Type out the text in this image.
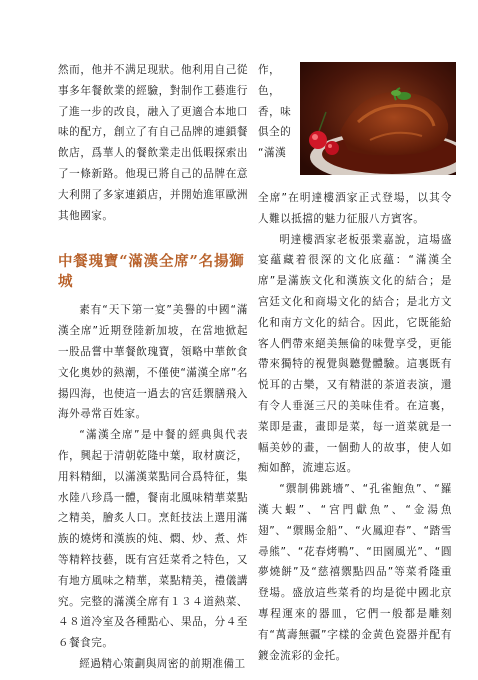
然而，他并不满足现狀。他利用自己從事多年餐飲業的經驗，對制作工藝進行了進一步的改良，融入了更適合本地口味的配方，創立了有自己品牌的連鎖餐飲店，爲華人的餐飲業走出低暇探索出了一條新路。他現已將自己的品牌在意大利開了多家連鎖店，并開始進軍歐洲其他國家。

中餐瑰寶“滿漢全席”名揚獅城

素有“天下第一宴”美譽的中國“滿漢全席”近期登陸新加坡，在當地掀起一股品嘗中華餐飲瑰寶，領略中華飲食文化奧妙的熱潮，不僅使“滿漢全席”名揚四海，也使這一過去的宫廷禦膳飛入海外尋常百姓家。

“滿漢全席”是中餐的經典與代表作，興起于清朝乾隆中葉，取材廣泛，用料精細，以滿漢菜點同合爲特征，集水陸八珍爲一體，餐南北風味精華菜點之精美，膾炙人口。烹飪技法上選用滿族的燒烤和漢族的炖、燜、炒、煮、炸等精粹技藝，既有宫廷菜肴之特色，又有地方風味之精華，菜點精美，禮儀講究。完整的滿漢全席有１３４道熱菜、４８道冷室及各種點心、果品，分４至６餐食完。

經過精心策劃與周密的前期准備工

作，
色，
香，味
俱全的
“滿漢

全席”在明達樓酒家正式登場，以其令人難以抵擋的魅力征服八方賓客。

明達樓酒家老板張業嘉說，這場盛宴蘊藏着很深的文化底蘊：“滿漢全席”是滿族文化和漢族文化的結合；是宫廷文化和商場文化的結合；是北方文化和南方文化的結合。因此，它既能給客人們帶來絕美無倫的味覺享受，更能帶來獨特的視覺與聽覺體驗。這裏既有悦耳的古樂，又有精湛的茶道表演，還有令人垂涎三尺的美味佳肴。在這裏，菜即是畫，畫即是菜，每一道菜就是一幅美妙的畫，一個動人的故事，使人如痴如醉，流連忘返。

“禦制佛跳墻”、“孔雀鮑魚”、“羅漢大蝦”、“宫門獻魚”、“金湯魚翅”、“禦賜金船”、“火鳳迎春”、“踏雪尋熊”、“花春烤鴨”、“田園風光”、“圓夢燒餅”及“慈禧禦點四品”等菜肴隆重登場。盛放這些菜肴的均是從中國北京專程運來的器皿，它們一般都是雕刻有“萬壽無疆”字樣的金黄色瓷器并配有鍍金流彩的金托。
